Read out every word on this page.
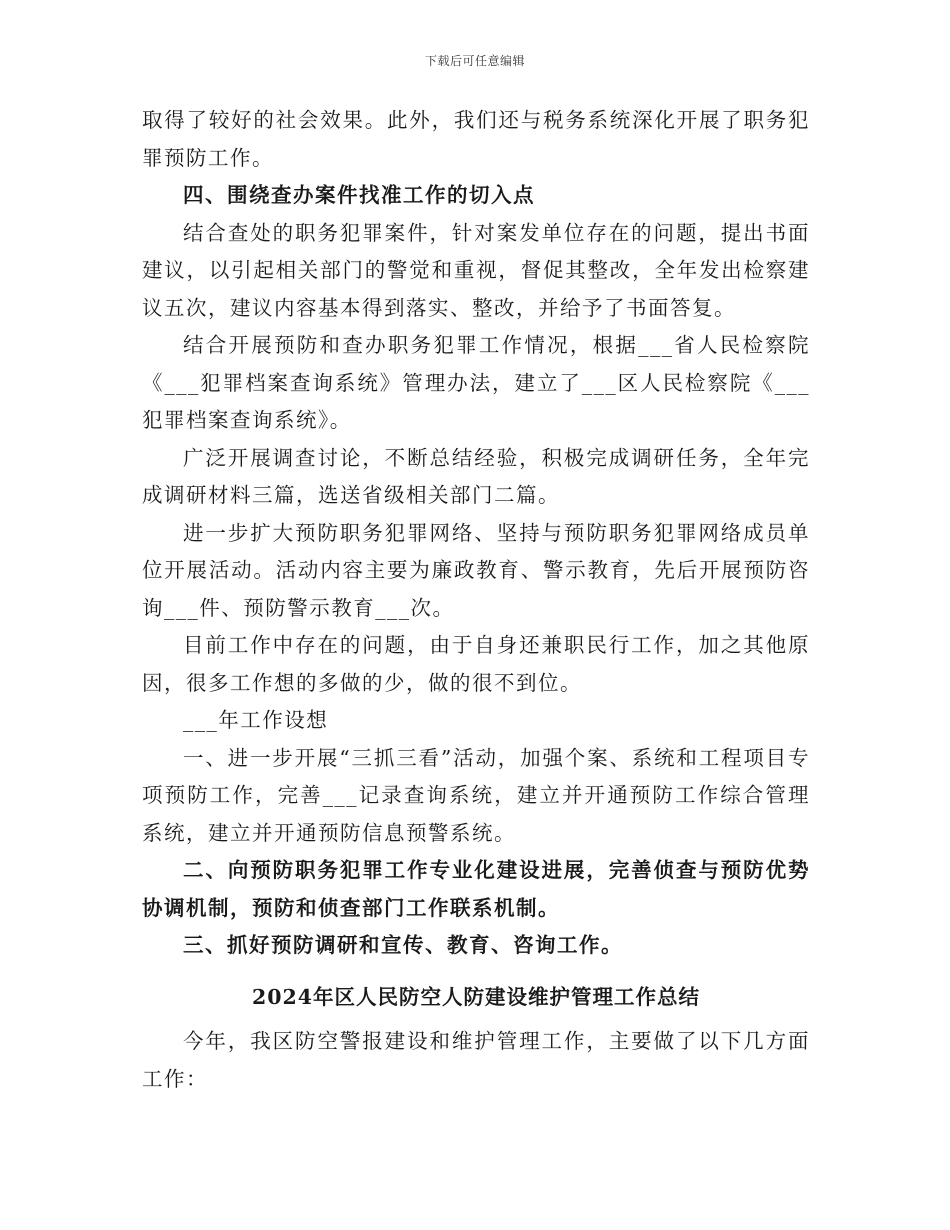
下载后可任意编辑

取得了较好的社会效果。此外，我们还与税务系统深化开展了职务犯罪预防工作。

四、围绕查办案件找准工作的切入点

结合查处的职务犯罪案件，针对案发单位存在的问题，提出书面建议，以引起相关部门的警觉和重视，督促其整改，全年发出检察建议五次，建议内容基本得到落实、整改，并给予了书面答复。

结合开展预防和查办职务犯罪工作情况，根据___省人民检察院《___犯罪档案查询系统》管理办法，建立了___区人民检察院《___犯罪档案查询系统》。

广泛开展调查讨论，不断总结经验，积极完成调研任务，全年完成调研材料三篇，选送省级相关部门二篇。

进一步扩大预防职务犯罪网络、坚持与预防职务犯罪网络成员单位开展活动。活动内容主要为廉政教育、警示教育，先后开展预防咨询___件、预防警示教育___次。

目前工作中存在的问题，由于自身还兼职民行工作，加之其他原因，很多工作想的多做的少，做的很不到位。

___年工作设想

一、进一步开展“三抓三看”活动，加强个案、系统和工程项目专项预防工作，完善___记录查询系统，建立并开通预防工作综合管理系统，建立并开通预防信息预警系统。

二、向预防职务犯罪工作专业化建设进展，完善侦查与预防优势协调机制，预防和侦查部门工作联系机制。

三、抓好预防调研和宣传、教育、咨询工作。

2024年区人民防空人防建设维护管理工作总结

今年，我区防空警报建设和维护管理工作，主要做了以下几方面工作：
